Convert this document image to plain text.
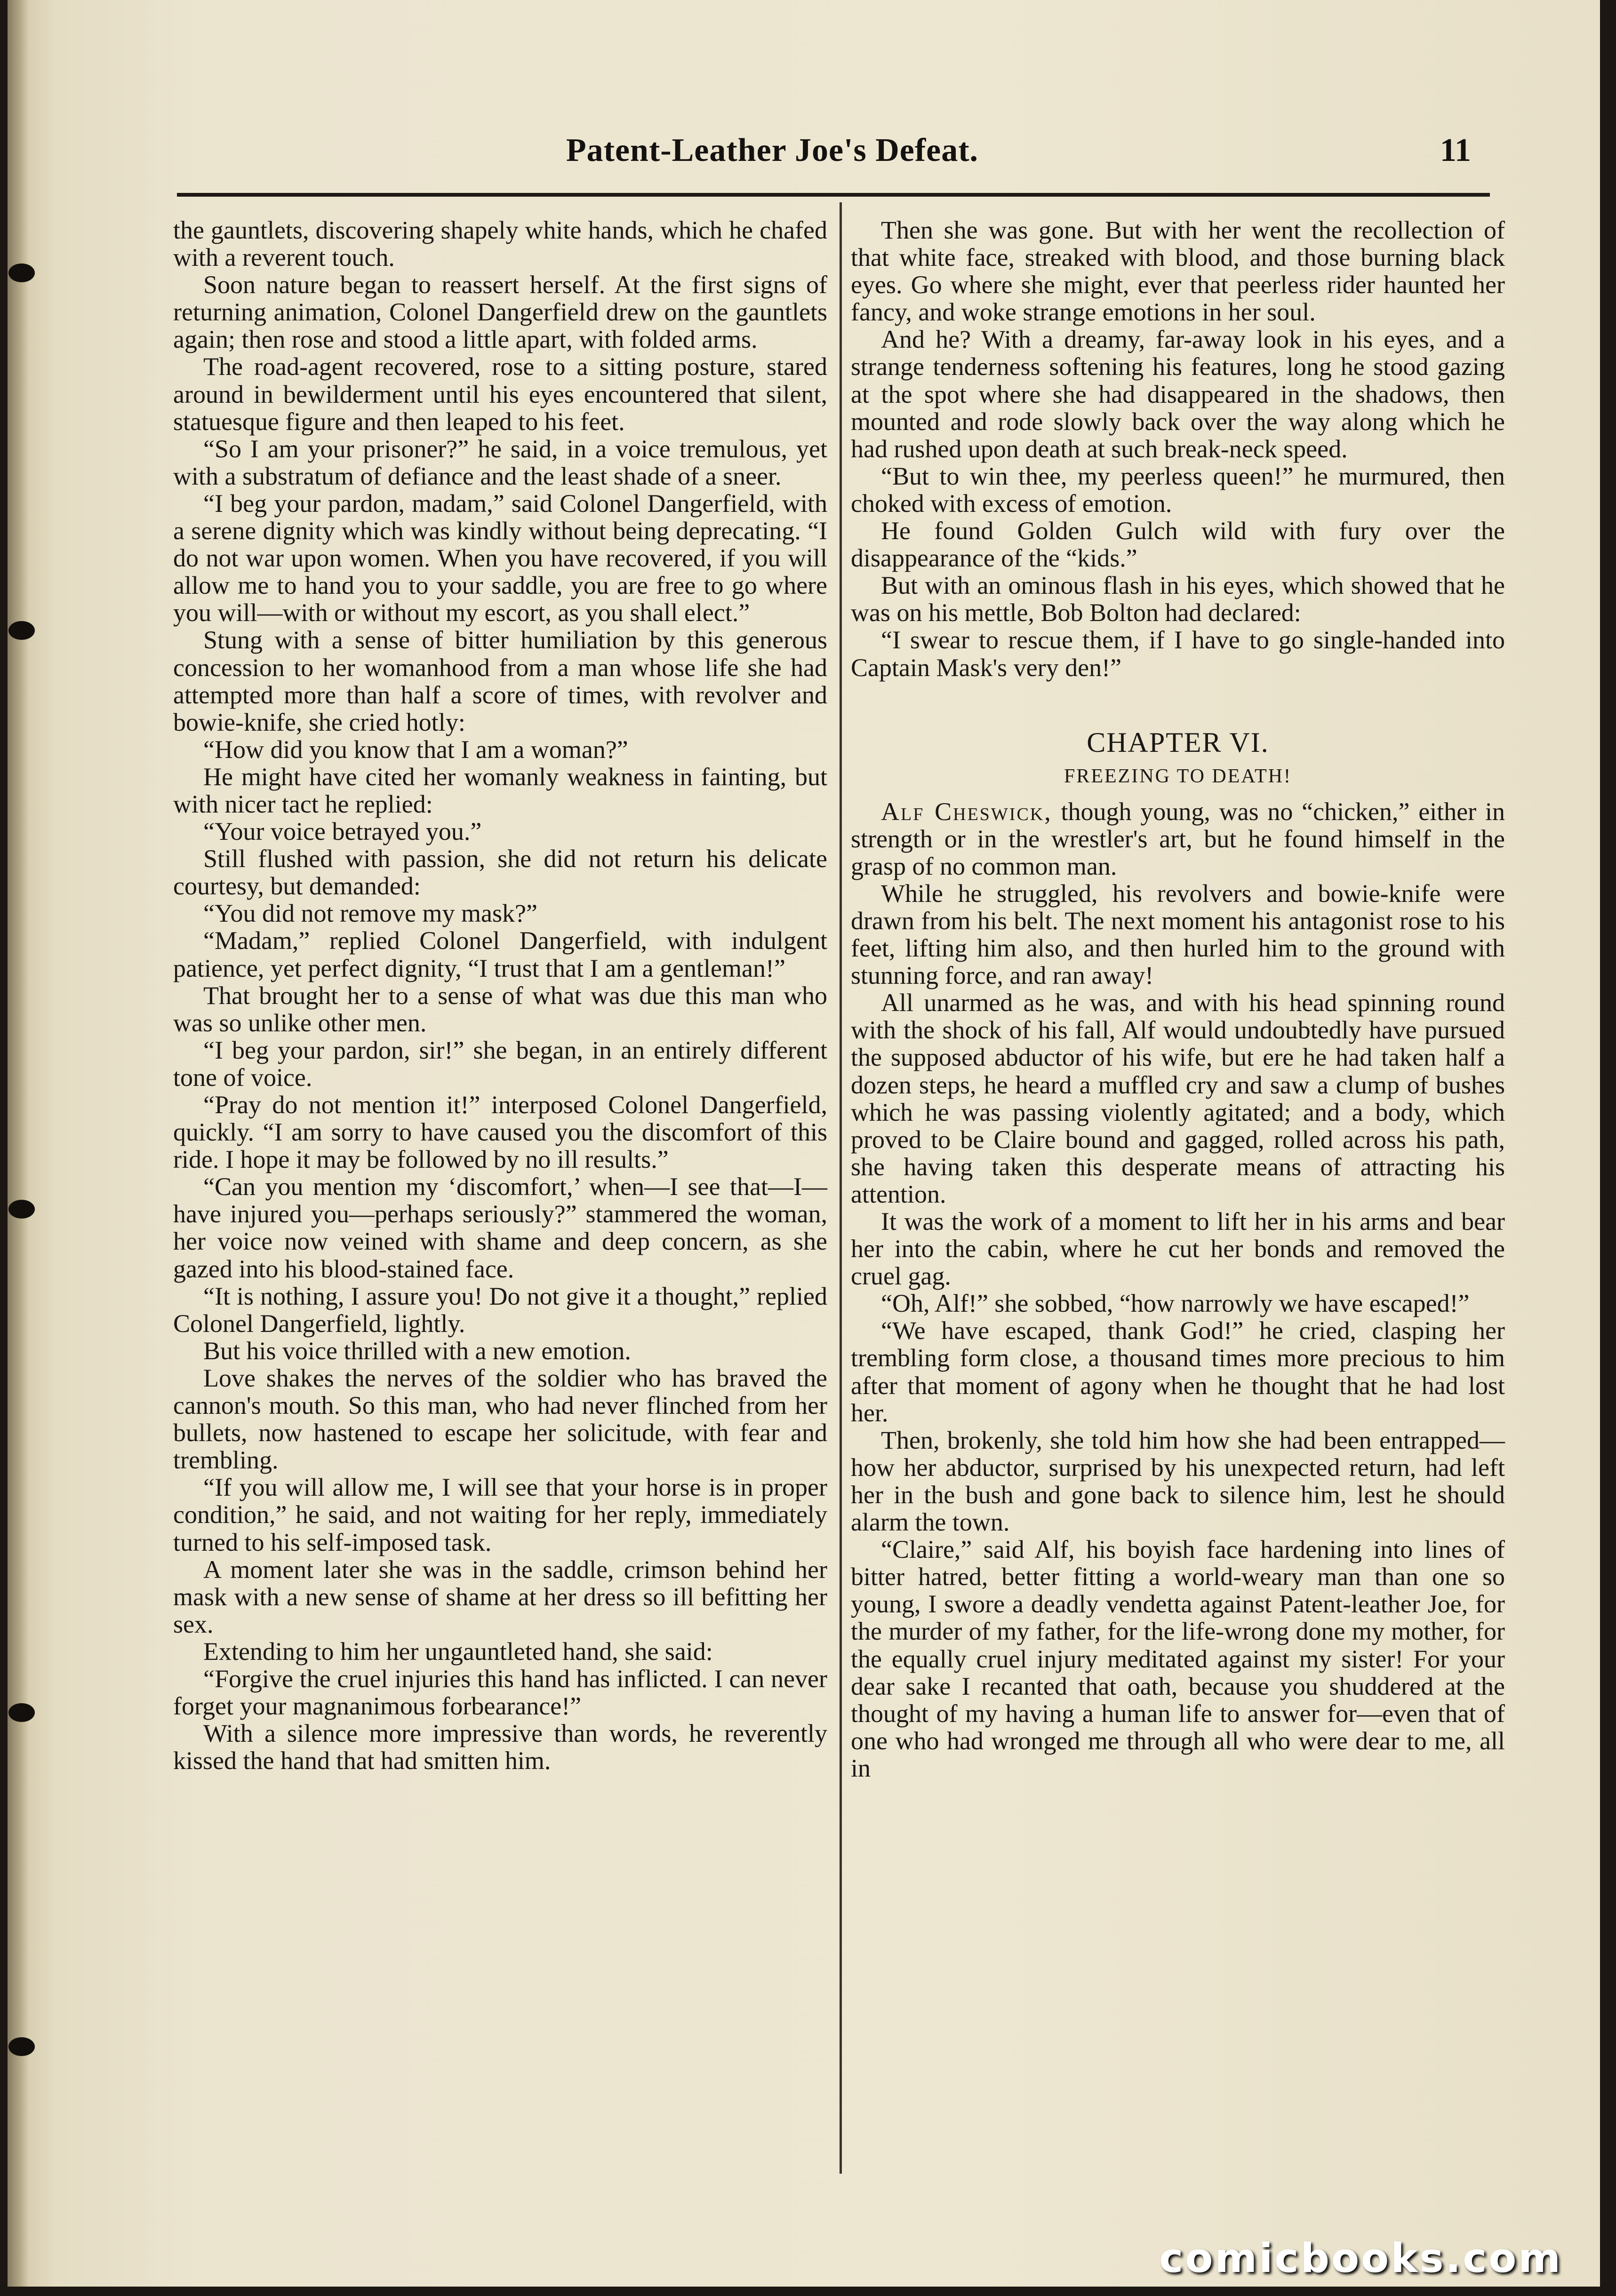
Patent-Leather Joe's Defeat.	11

the gauntlets, discovering shapely white hands, which he chafed with a reverent touch.

Soon nature began to reassert herself. At the first signs of returning animation, Colonel Dangerfield drew on the gauntlets again; then rose and stood a little apart, with folded arms.

The road-agent recovered, rose to a sitting posture, stared around in bewilderment until his eyes encountered that silent, statuesque figure and then leaped to his feet.

“So I am your prisoner?” he said, in a voice tremulous, yet with a substratum of defiance and the least shade of a sneer.

“I beg your pardon, madam,” said Colonel Dangerfield, with a serene dignity which was kindly without being deprecating. “I do not war upon women. When you have recovered, if you will allow me to hand you to your saddle, you are free to go where you will—with or without my escort, as you shall elect.”

Stung with a sense of bitter humiliation by this generous concession to her womanhood from a man whose life she had attempted more than half a score of times, with revolver and bowie-knife, she cried hotly:

“How did you know that I am a woman?”

He might have cited her womanly weakness in fainting, but with nicer tact he replied:

“Your voice betrayed you.”

Still flushed with passion, she did not return his delicate courtesy, but demanded:

“You did not remove my mask?”

“Madam,” replied Colonel Dangerfield, with indulgent patience, yet perfect dignity, “I trust that I am a gentleman!”

That brought her to a sense of what was due this man who was so unlike other men.

“I beg your pardon, sir!” she began, in an entirely different tone of voice.

“Pray do not mention it!” interposed Colonel Dangerfield, quickly. “I am sorry to have caused you the discomfort of this ride. I hope it may be followed by no ill results.”

“Can you mention my ‘discomfort,’ when—I see that—I—have injured you—perhaps seriously?” stammered the woman, her voice now veined with shame and deep concern, as she gazed into his blood-stained face.

“It is nothing, I assure you! Do not give it a thought,” replied Colonel Dangerfield, lightly.

But his voice thrilled with a new emotion.

Love shakes the nerves of the soldier who has braved the cannon's mouth. So this man, who had never flinched from her bullets, now hastened to escape her solicitude, with fear and trembling.

“If you will allow me, I will see that your horse is in proper condition,” he said, and not waiting for her reply, immediately turned to his self-imposed task.

A moment later she was in the saddle, crimson behind her mask with a new sense of shame at her dress so ill befitting her sex.

Extending to him her ungauntleted hand, she said:

“Forgive the cruel injuries this hand has inflicted. I can never forget your magnanimous forbearance!”

With a silence more impressive than words, he reverently kissed the hand that had smitten him.

Then she was gone. But with her went the recollection of that white face, streaked with blood, and those burning black eyes. Go where she might, ever that peerless rider haunted her fancy, and woke strange emotions in her soul.

And he? With a dreamy, far-away look in his eyes, and a strange tenderness softening his features, long he stood gazing at the spot where she had disappeared in the shadows, then mounted and rode slowly back over the way along which he had rushed upon death at such break-neck speed.

“But to win thee, my peerless queen!” he murmured, then choked with excess of emotion.

He found Golden Gulch wild with fury over the disappearance of the “kids.”

But with an ominous flash in his eyes, which showed that he was on his mettle, Bob Bolton had declared:

“I swear to rescue them, if I have to go single-handed into Captain Mask's very den!”

CHAPTER VI.
FREEZING TO DEATH!

Alf Cheswick, though young, was no “chicken,” either in strength or in the wrestler's art, but he found himself in the grasp of no common man.

While he struggled, his revolvers and bowie-knife were drawn from his belt. The next moment his antagonist rose to his feet, lifting him also, and then hurled him to the ground with stunning force, and ran away!

All unarmed as he was, and with his head spinning round with the shock of his fall, Alf would undoubtedly have pursued the supposed abductor of his wife, but ere he had taken half a dozen steps, he heard a muffled cry and saw a clump of bushes which he was passing violently agitated; and a body, which proved to be Claire bound and gagged, rolled across his path, she having taken this desperate means of attracting his attention.

It was the work of a moment to lift her in his arms and bear her into the cabin, where he cut her bonds and removed the cruel gag.

“Oh, Alf!” she sobbed, “how narrowly we have escaped!”

“We have escaped, thank God!” he cried, clasping her trembling form close, a thousand times more precious to him after that moment of agony when he thought that he had lost her.

Then, brokenly, she told him how she had been entrapped—how her abductor, surprised by his unexpected return, had left her in the bush and gone back to silence him, lest he should alarm the town.

“Claire,” said Alf, his boyish face hardening into lines of bitter hatred, better fitting a world-weary man than one so young, I swore a deadly vendetta against Patent-leather Joe, for the murder of my father, for the life-wrong done my mother, for the equally cruel injury meditated against my sister! For your dear sake I recanted that oath, because you shuddered at the thought of my having a human life to answer for—even that of one who had wronged me through all who were dear to me, all in

comicbooks.com
